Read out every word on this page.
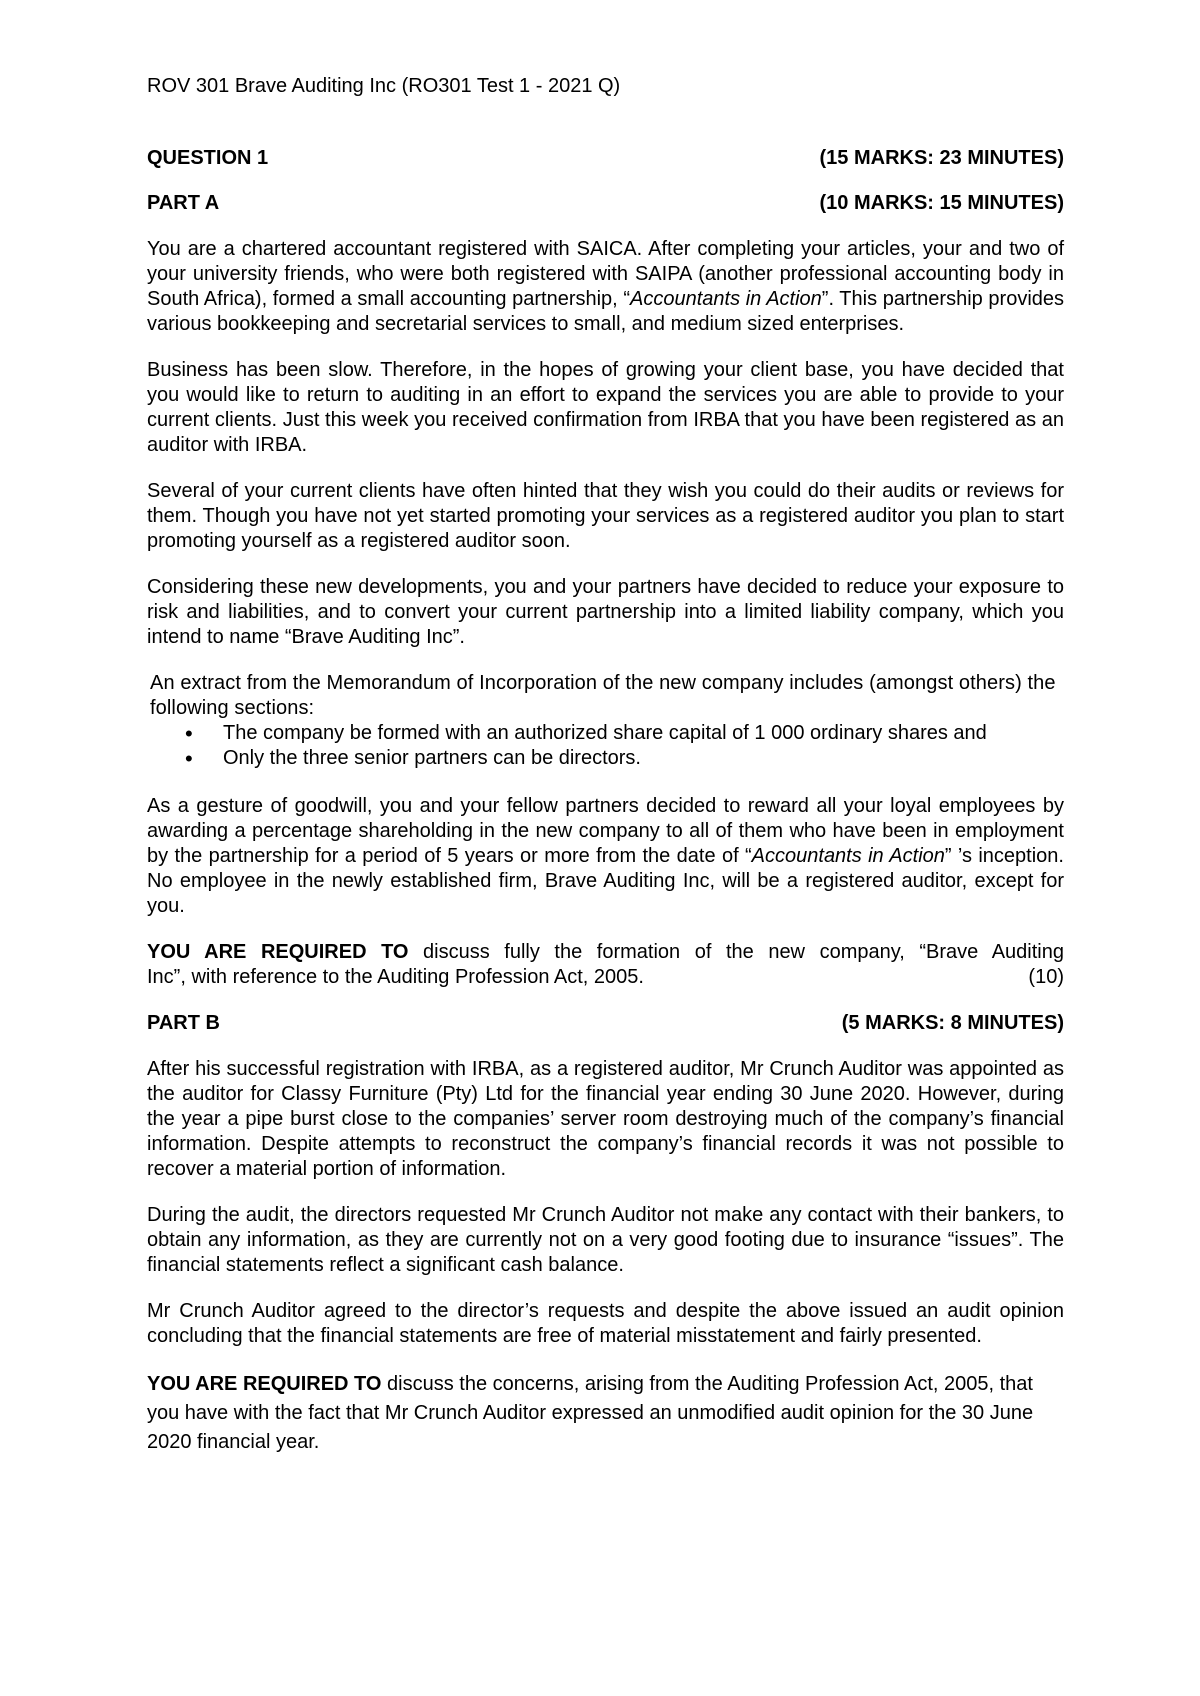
ROV 301 Brave Auditing Inc (RO301 Test 1 - 2021 Q)
QUESTION 1	(15 MARKS: 23 MINUTES)
PART A	(10 MARKS: 15 MINUTES)

You are a chartered accountant registered with SAICA. After completing your articles, your and two of your university friends, who were both registered with SAIPA (another professional accounting body in South Africa), formed a small accounting partnership, “Accountants in Action”. This partnership provides various bookkeeping and secretarial services to small, and medium sized enterprises.

Business has been slow. Therefore, in the hopes of growing your client base, you have decided that you would like to return to auditing in an effort to expand the services you are able to provide to your current clients. Just this week you received confirmation from IRBA that you have been registered as an auditor with IRBA.

Several of your current clients have often hinted that they wish you could do their audits or reviews for them. Though you have not yet started promoting your services as a registered auditor you plan to start promoting yourself as a registered auditor soon.

Considering these new developments, you and your partners have decided to reduce your exposure to risk and liabilities, and to convert your current partnership into a limited liability company, which you intend to name “Brave Auditing Inc”.

An extract from the Memorandum of Incorporation of the new company includes (amongst others) the following sections:

• The company be formed with an authorized share capital of 1 000 ordinary shares and
• Only the three senior partners can be directors.

As a gesture of goodwill, you and your fellow partners decided to reward all your loyal employees by awarding a percentage shareholding in the new company to all of them who have been in employment by the partnership for a period of 5 years or more from the date of “Accountants in Action” ’s inception. No employee in the newly established firm, Brave Auditing Inc, will be a registered auditor, except for you.

YOU ARE REQUIRED TO discuss fully the formation of the new company, “Brave Auditing

Inc”, with reference to the Auditing Profession Act, 2005.	(10)
PART B	(5 MARKS: 8 MINUTES)

After his successful registration with IRBA, as a registered auditor, Mr Crunch Auditor was appointed as the auditor for Classy Furniture (Pty) Ltd for the financial year ending 30 June 2020. However, during the year a pipe burst close to the companies’ server room destroying much of the company’s financial information. Despite attempts to reconstruct the company’s financial records it was not possible to recover a material portion of information.

During the audit, the directors requested Mr Crunch Auditor not make any contact with their bankers, to obtain any information, as they are currently not on a very good footing due to insurance “issues”. The financial statements reflect a significant cash balance.

Mr Crunch Auditor agreed to the director’s requests and despite the above issued an audit opinion concluding that the financial statements are free of material misstatement and fairly presented.

YOU ARE REQUIRED TO discuss the concerns, arising from the Auditing Profession Act, 2005, that you have with the fact that Mr Crunch Auditor expressed an unmodified audit opinion for the 30 June 2020 financial year.
